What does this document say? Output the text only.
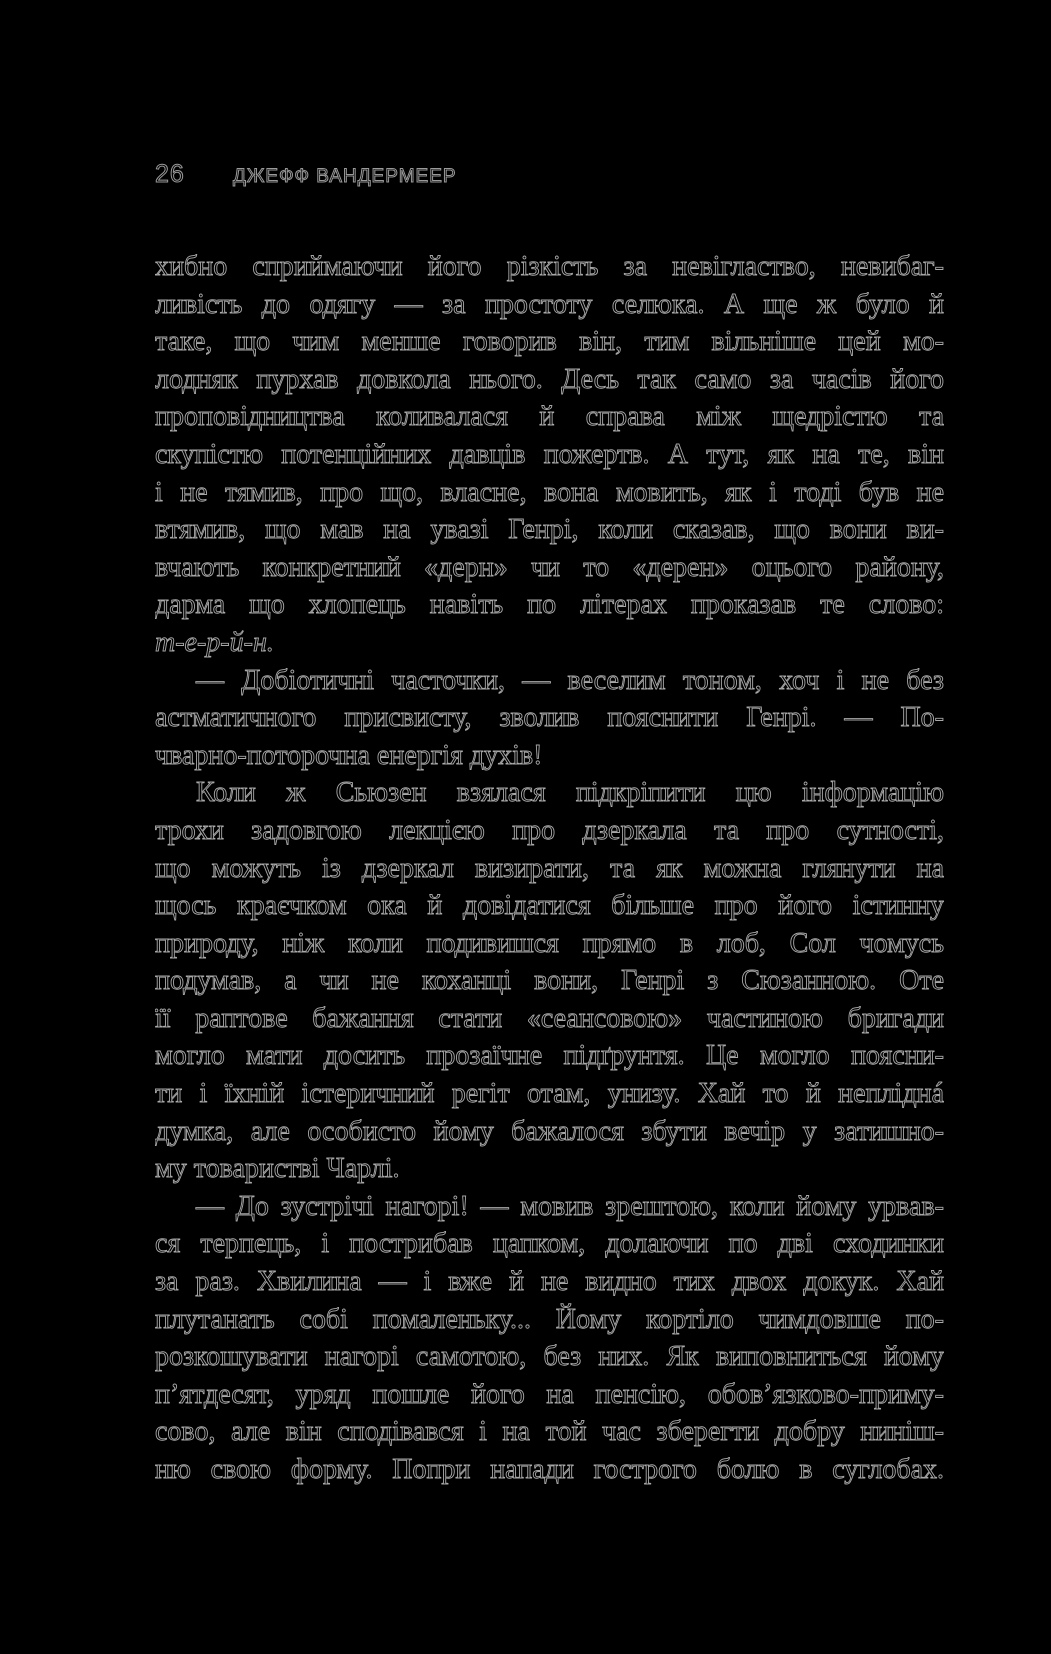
26	ДЖЕФФ ВАНДЕРМЕЕР
хибно сприймаючи його різкість за невігластво, невибаг-
ливість до одягу — за простоту селюка. А ще ж було й
таке, що чим менше говорив він, тим вільніше цей мо-
лодняк пурхав довкола нього. Десь так само за часів його
проповідництва коливалася й справа між щедрістю та
скупістю потенційних давців пожертв. А тут, як на те, він
і не тямив, про що, власне, вона мовить, як і тоді був не
втямив, що мав на увазі Генрі, коли сказав, що вони ви-
вчають конкретний «дерн» чи то «дерен» оцього району,
дарма що хлопець навіть по літерах проказав те слово:
т-е-р-й-н.
— Добіотичні часточки, — веселим тоном, хоч і не без
астматичного присвисту, зволив пояснити Генрі. — По-
чварно-поторочна енергія духів!
Коли ж Сьюзен взялася підкріпити цю інформацію
трохи задовгою лекцією про дзеркала та про сутності,
що можуть із дзеркал визирати, та як можна глянути на
щось краєчком ока й довідатися більше про його істинну
природу, ніж коли подивишся прямо в лоб, Сол чомусь
подумав, а чи не коханці вони, Генрі з Сюзанною. Оте
її раптове бажання стати «сеансовою» частиною бригади
могло мати досить прозаїчне підґрунтя. Це могло поясни-
ти і їхній істеричний регіт отам, унизу. Хай то й непліднá
думка, але особисто йому бажалося збути вечір у затишно-
му товаристві Чарлі.
— До зустрічі нагорі! — мовив зрештою, коли йому урвав-
ся терпець, і пострибав цапком, долаючи по дві сходинки
за раз. Хвилина — і вже й не видно тих двох докук. Хай
плутанать собі помаленьку... Йому кортіло чимдовше по-
розкошувати нагорі самотою, без них. Як виповниться йому
п’ятдесят, уряд пошле його на пенсію, обов’язково-приму-
сово, але він сподівався і на той час зберегти добру нинiш-
ню свою форму. Попри напади гострого болю в суглобах.
